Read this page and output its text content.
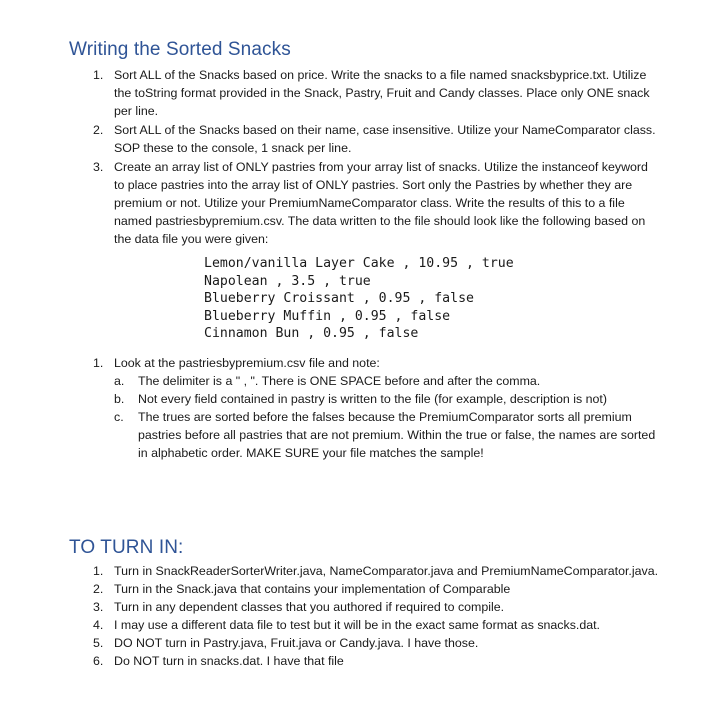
Writing the Sorted Snacks
1. Sort ALL of the Snacks based on price. Write the snacks to a file named snacksbyprice.txt. Utilize the toString format provided in the Snack, Pastry, Fruit and Candy classes. Place only ONE snack per line.
2. Sort ALL of the Snacks based on their name, case insensitive. Utilize your NameComparator class. SOP these to the console, 1 snack per line.
3. Create an array list of ONLY pastries from your array list of snacks. Utilize the instanceof keyword to place pastries into the array list of ONLY pastries. Sort only the Pastries by whether they are premium or not. Utilize your PremiumNameComparator class. Write the results of this to a file named pastriesbypremium.csv. The data written to the file should look like the following based on the data file you were given:
Lemon/vanilla Layer Cake , 10.95 , true
Napolean , 3.5 , true
Blueberry Croissant , 0.95 , false
Blueberry Muffin , 0.95 , false
Cinnamon Bun , 0.95 , false
1. Look at the pastriesbypremium.csv file and note:
a. The delimiter is a " , ". There is ONE SPACE before and after the comma.
b. Not every field contained in pastry is written to the file (for example, description is not)
c. The trues are sorted before the falses because the PremiumComparator sorts all premium pastries before all pastries that are not premium. Within the true or false, the names are sorted in alphabetic order. MAKE SURE your file matches the sample!
TO TURN IN:
1. Turn in SnackReaderSorterWriter.java, NameComparator.java and PremiumNameComparator.java.
2. Turn in the Snack.java that contains your implementation of Comparable
3. Turn in any dependent classes that you authored if required to compile.
4. I may use a different data file to test but it will be in the exact same format as snacks.dat.
5. DO NOT turn in Pastry.java, Fruit.java or Candy.java. I have those.
6. Do NOT turn in snacks.dat. I have that file
